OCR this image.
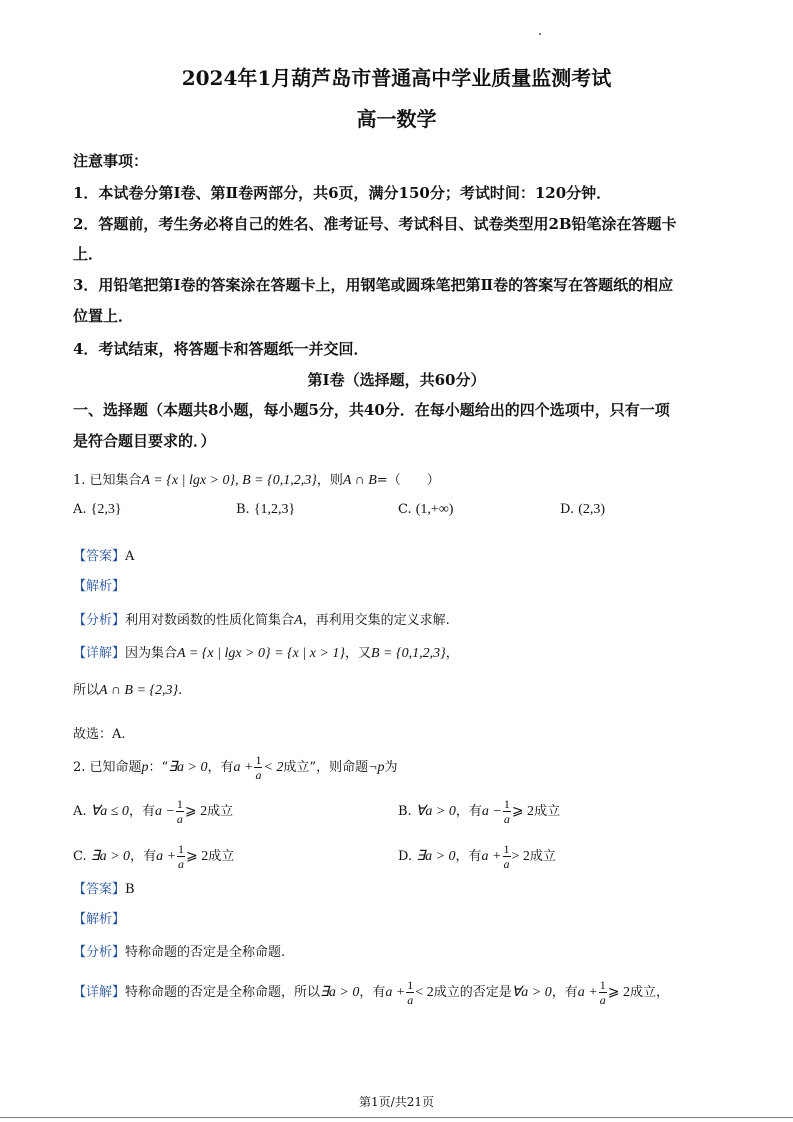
2024年1月葫芦岛市普通高中学业质量监测考试
高一数学
注意事项：
1．本试卷分第Ⅰ卷、第Ⅱ卷两部分，共6页，满分150分；考试时间：120分钟．
2．答题前，考生务必将自己的姓名、准考证号、考试科目、试卷类型用2B铅笔涂在答题卡
上．
3．用铅笔把第Ⅰ卷的答案涂在答题卡上，用钢笔或圆珠笔把第Ⅱ卷的答案写在答题纸的相应
位置上．
4．考试结束，将答题卡和答题纸一并交回．
第Ⅰ卷（选择题，共60分）
一、选择题（本题共8小题，每小题5分，共40分．在每小题给出的四个选项中，只有一项
是符合题目要求的．）
1. 已知集合A = {x | lgx > 0}, B = {0,1,2,3}，则A ∩ B=（　　）
A. {2,3}	B. {1,2,3}	C. (1,+∞)	D. (2,3)
【答案】A
【解析】
【分析】利用对数函数的性质化简集合A，再利用交集的定义求解.
【详解】因为集合A = {x | lgx > 0} = {x | x > 1}，又B = {0,1,2,3}，
所以A ∩ B = {2,3}.
故选：A.
2. 已知命题p：“∃a > 0，有$a + \frac{1}{a} < 2$成立”，则命题¬p为
A. ∀a ≤ 0，有$a - \frac{1}{a}$ ⩾ 2成立	B. ∀a > 0，有$a - \frac{1}{a}$ ⩾ 2成立
C. ∃a > 0，有$a + \frac{1}{a}$ ⩾ 2成立	D. ∃a > 0，有$a + \frac{1}{a} > 2$成立
【答案】B
【解析】
【分析】特称命题的否定是全称命题.
【详解】特称命题的否定是全称命题，所以∃a > 0，有$a + \frac{1}{a} < 2$成立的否定是∀a > 0，有$a + \frac{1}{a}$ ⩾ 2成立，
第1页/共21页
